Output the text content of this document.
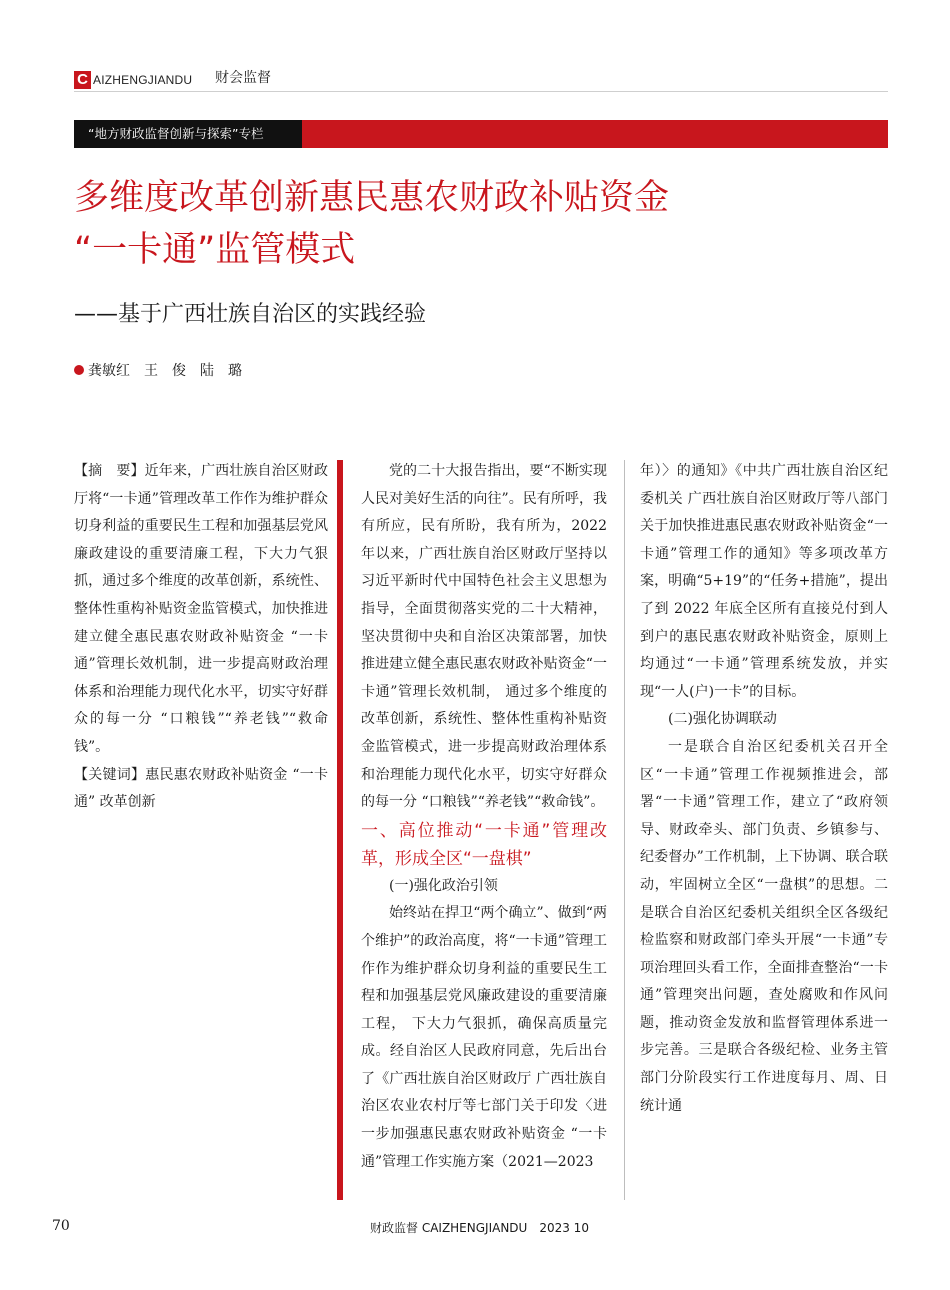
C AIZHENGJIANDU 财会监督
“地方财政监督创新与探索”专栏
多维度改革创新惠民惠农财政补贴资金
“一卡通”监管模式
——基于广西壮族自治区的实践经验
龚敏红　王　俊　陆　璐

【摘　要】近年来，广西壮族自治区财政厅将“一卡通”管理改革工作作为维护群众切身利益的重要民生工程和加强基层党风廉政建设的重要清廉工程，下大力气狠抓，通过多个维度的改革创新，系统性、整体性重构补贴资金监管模式，加快推进建立健全惠民惠农财政补贴资金 “一卡通”管理长效机制，进一步提高财政治理体系和治理能力现代化水平，切实守好群众的每一分 “口粮钱”“养老钱”“救命钱”。

【关键词】惠民惠农财政补贴资金 “一卡通” 改革创新

党的二十大报告指出，要“不断实现人民对美好生活的向往”。民有所呼，我有所应，民有所盼，我有所为，2022 年以来，广西壮族自治区财政厅坚持以习近平新时代中国特色社会主义思想为指导，全面贯彻落实党的二十大精神，坚决贯彻中央和自治区决策部署，加快推进建立健全惠民惠农财政补贴资金“一卡通”管理长效机制， 通过多个维度的改革创新，系统性、整体性重构补贴资金监管模式，进一步提高财政治理体系和治理能力现代化水平，切实守好群众的每一分 “口粮钱”“养老钱”“救命钱”。

一、高位推动“一卡通”管理改革，形成全区“一盘棋”

(一)强化政治引领

始终站在捍卫“两个确立”、做到“两个维护”的政治高度，将“一卡通”管理工作作为维护群众切身利益的重要民生工程和加强基层党风廉政建设的重要清廉工程， 下大力气狠抓，确保高质量完成。经自治区人民政府同意，先后出台了《广西壮族自治区财政厅 广西壮族自治区农业农村厅等七部门关于印发〈进一步加强惠民惠农财政补贴资金 “一卡通”管理工作实施方案（2021—2023

年）〉的通知》《中共广西壮族自治区纪委机关 广西壮族自治区财政厅等八部门关于加快推进惠民惠农财政补贴资金“一卡通”管理工作的通知》等多项改革方案，明确“5+19”的“任务+措施”，提出了到 2022 年底全区所有直接兑付到人到户的惠民惠农财政补贴资金，原则上均通过“一卡通”管理系统发放，并实现“一人(户)一卡”的目标。

(二)强化协调联动

一是联合自治区纪委机关召开全区“一卡通”管理工作视频推进会，部署“一卡通”管理工作，建立了“政府领导、财政牵头、部门负责、乡镇参与、纪委督办”工作机制，上下协调、联合联动，牢固树立全区“一盘棋”的思想。二是联合自治区纪委机关组织全区各级纪检监察和财政部门牵头开展“一卡通”专项治理回头看工作，全面排查整治“一卡通”管理突出问题，查处腐败和作风问题，推动资金发放和监督管理体系进一步完善。三是联合各级纪检、业务主管部门分阶段实行工作进度每月、周、日统计通

70	财政监督 CAIZHENGJIANDU　2023 10
